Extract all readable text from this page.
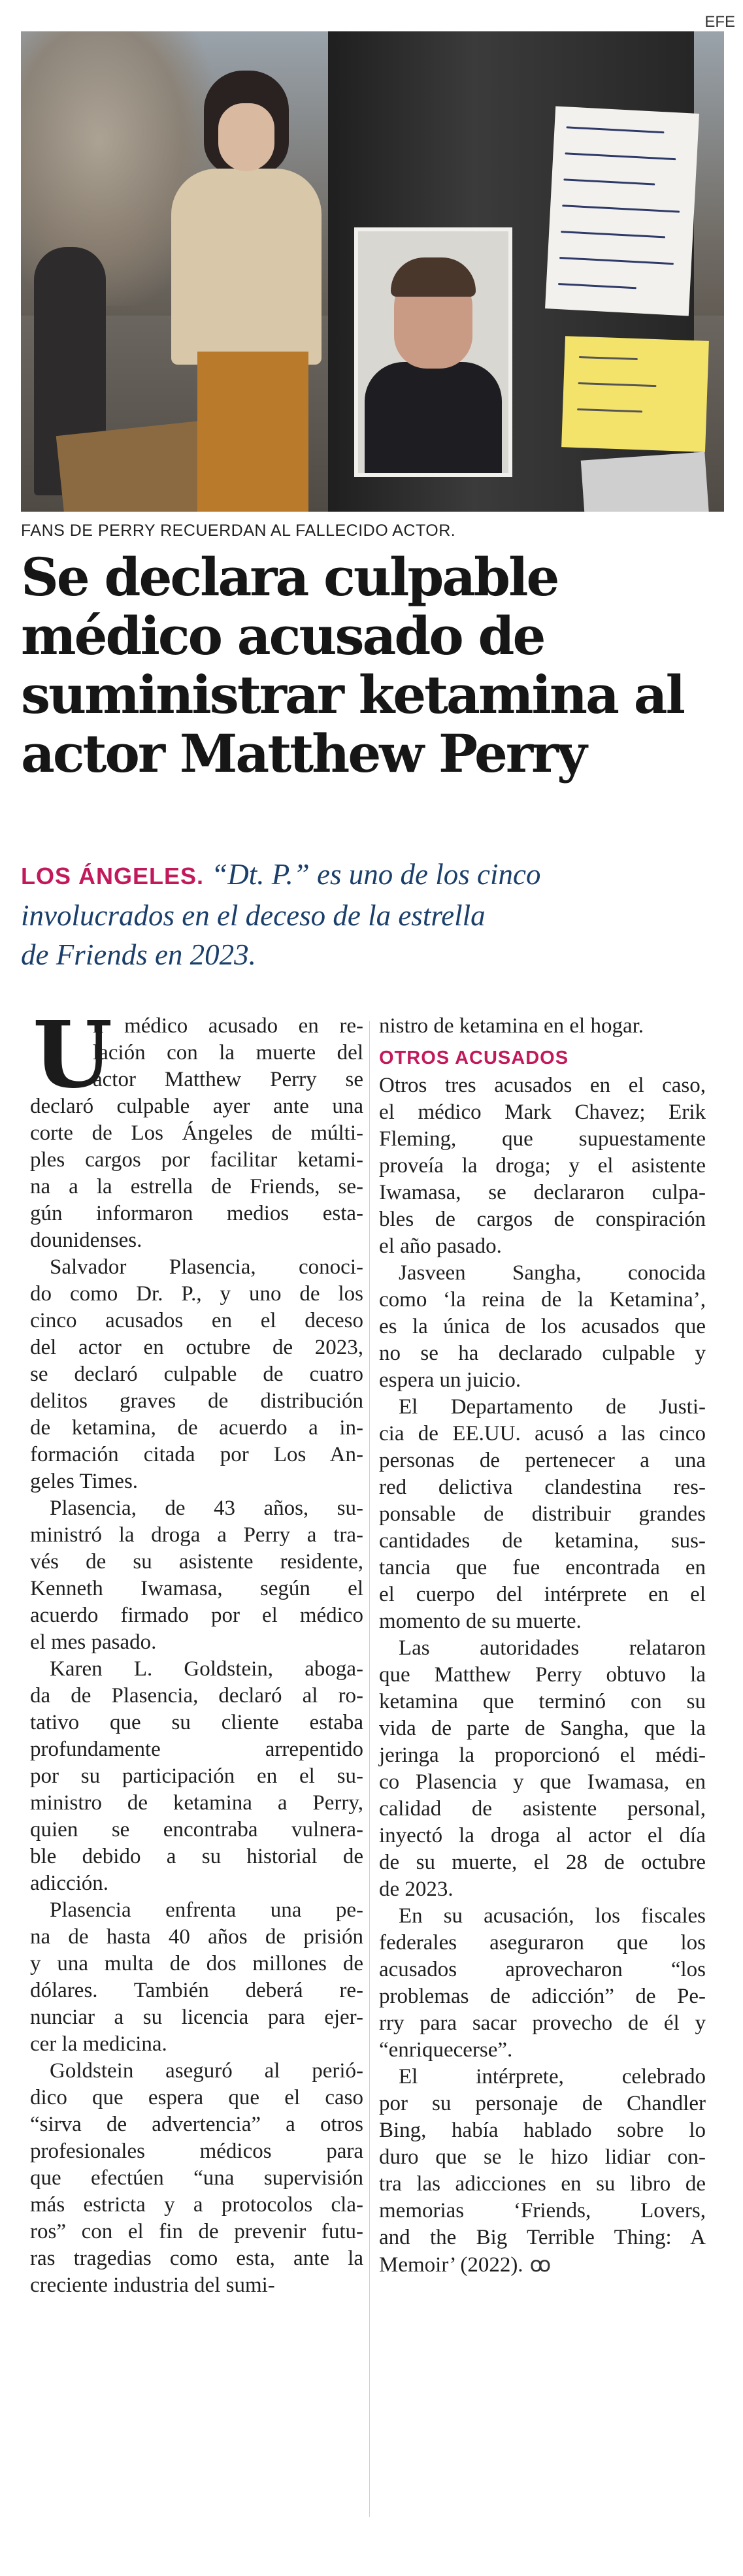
EFE
FANS DE PERRY RECUERDAN AL FALLECIDO ACTOR.
Se declara culpable
médico acusado de
suministrar ketamina al
actor Matthew Perry
LOS ÁNGELES. “Dt. P.” es uno de los cinco
involucrados en el deceso de la estrella
de Friends en 2023.
U
n médico acusado en re-
lación con la muerte del
actor Matthew Perry se
declaró culpable ayer ante una
corte de Los Ángeles de múlti-
ples cargos por facilitar ketami-
na a la estrella de Friends, se-
gún informaron medios esta-
dounidenses.
Salvador Plasencia, conoci-
do como Dr. P., y uno de los
cinco acusados en el deceso
del actor en octubre de 2023,
se declaró culpable de cuatro
delitos graves de distribución
de ketamina, de acuerdo a in-
formación citada por Los An-
geles Times.
Plasencia, de 43 años, su-
ministró la droga a Perry a tra-
vés de su asistente residente,
Kenneth Iwamasa, según el
acuerdo firmado por el médico
el mes pasado.
Karen L. Goldstein, aboga-
da de Plasencia, declaró al ro-
tativo que su cliente estaba
profundamente arrepentido
por su participación en el su-
ministro de ketamina a Perry,
quien se encontraba vulnera-
ble debido a su historial de
adicción.
Plasencia enfrenta una pe-
na de hasta 40 años de prisión
y una multa de dos millones de
dólares. También deberá re-
nunciar a su licencia para ejer-
cer la medicina.
Goldstein aseguró al perió-
dico que espera que el caso
“sirva de advertencia” a otros
profesionales médicos para
que efectúen “una supervisión
más estricta y a protocolos cla-
ros” con el fin de prevenir futu-
ras tragedias como esta, ante la
creciente industria del sumi-
nistro de ketamina en el hogar.
OTROS ACUSADOS
Otros tres acusados en el caso,
el médico Mark Chavez; Erik
Fleming, que supuestamente
proveía la droga; y el asistente
Iwamasa, se declararon culpa-
bles de cargos de conspiración
el año pasado.
Jasveen Sangha, conocida
como ‘la reina de la Ketamina’,
es la única de los acusados que
no se ha declarado culpable y
espera un juicio.
El Departamento de Justi-
cia de EE.UU. acusó a las cinco
personas de pertenecer a una
red delictiva clandestina res-
ponsable de distribuir grandes
cantidades de ketamina, sus-
tancia que fue encontrada en
el cuerpo del intérprete en el
momento de su muerte.
Las autoridades relataron
que Matthew Perry obtuvo la
ketamina que terminó con su
vida de parte de Sangha, que la
jeringa la proporcionó el médi-
co Plasencia y que Iwamasa, en
calidad de asistente personal,
inyectó la droga al actor el día
de su muerte, el 28 de octubre
de 2023.
En su acusación, los fiscales
federales aseguraron que los
acusados aprovecharon “los
problemas de adicción” de Pe-
rry para sacar provecho de él y
“enriquecerse”.
El intérprete, celebrado
por su personaje de Chandler
Bing, había hablado sobre lo
duro que se le hizo lidiar con-
tra las adicciones en su libro de
memorias ‘Friends, Lovers,
and the Big Terrible Thing: A
Memoir’ (2022). ꝏ
